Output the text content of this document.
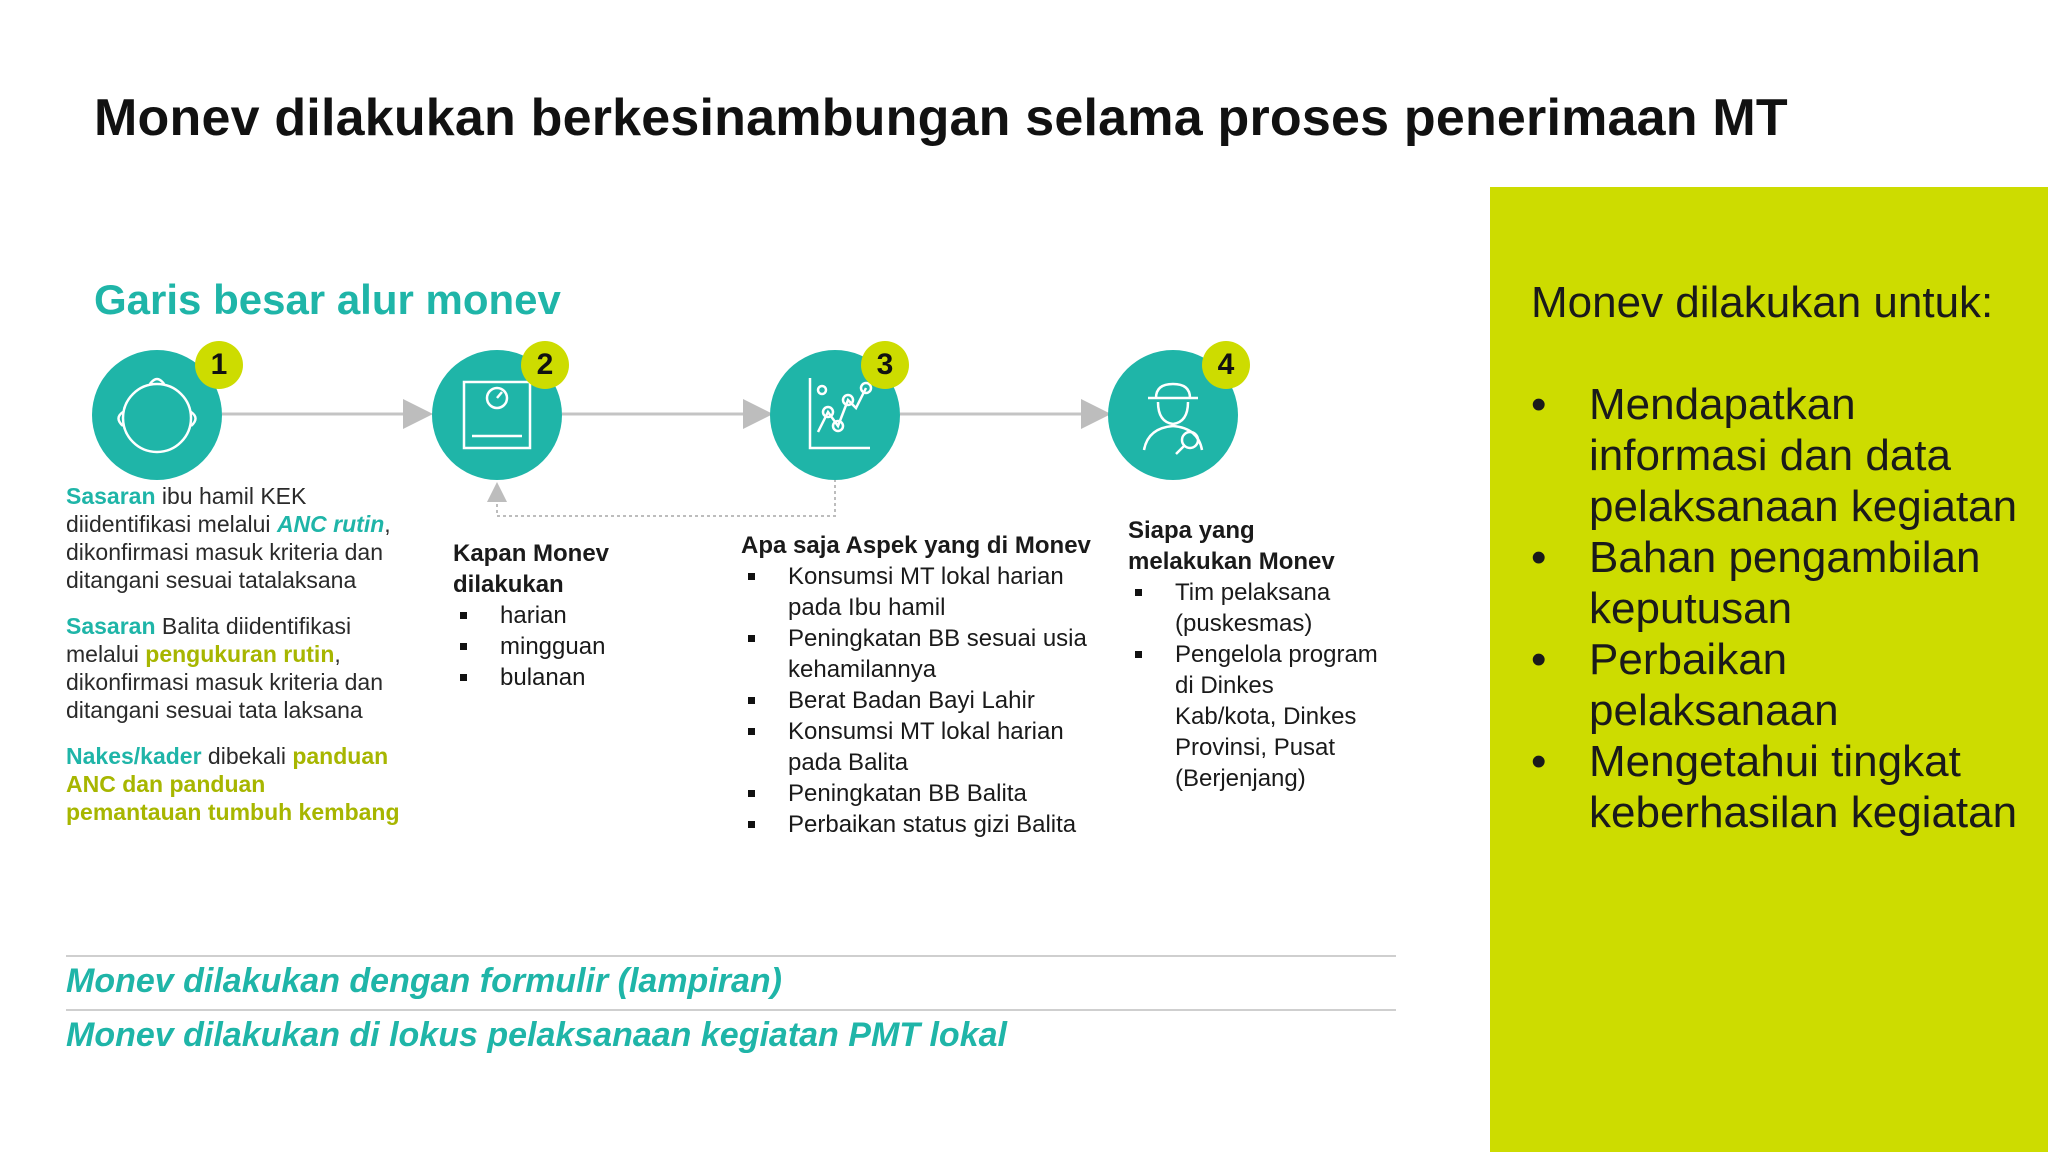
Monev dilakukan berkesinambungan selama proses penerimaan MT
Garis besar alur monev
1	2	3	4

Sasaran ibu hamil KEK diidentifikasi melalui ANC rutin, dikonfirmasi masuk kriteria dan ditangani sesuai tatalaksana

Sasaran Balita diidentifikasi melalui pengukuran rutin, dikonfirmasi masuk kriteria dan ditangani sesuai tata laksana

Nakes/kader dibekali panduan ANC dan panduan pemantauan tumbuh kembang

Kapan Monev dilakukan
harian
mingguan
bulanan
Apa saja Aspek yang di Monev
Konsumsi MT lokal harian pada Ibu hamil
Peningkatan BB sesuai usia kehamilannya
Berat Badan Bayi Lahir
Konsumsi MT lokal harian pada Balita
Peningkatan BB Balita
Perbaikan status gizi Balita
Siapa yang melakukan Monev
Tim pelaksana (puskesmas)
Pengelola program di Dinkes Kab/kota, Dinkes Provinsi, Pusat (Berjenjang)
Monev dilakukan dengan formulir (lampiran)
Monev dilakukan di lokus pelaksanaan kegiatan PMT lokal
Monev dilakukan untuk:
• Mendapatkan informasi dan data pelaksanaan kegiatan
• Bahan pengambilan keputusan
• Perbaikan pelaksanaan
• Mengetahui tingkat keberhasilan kegiatan
